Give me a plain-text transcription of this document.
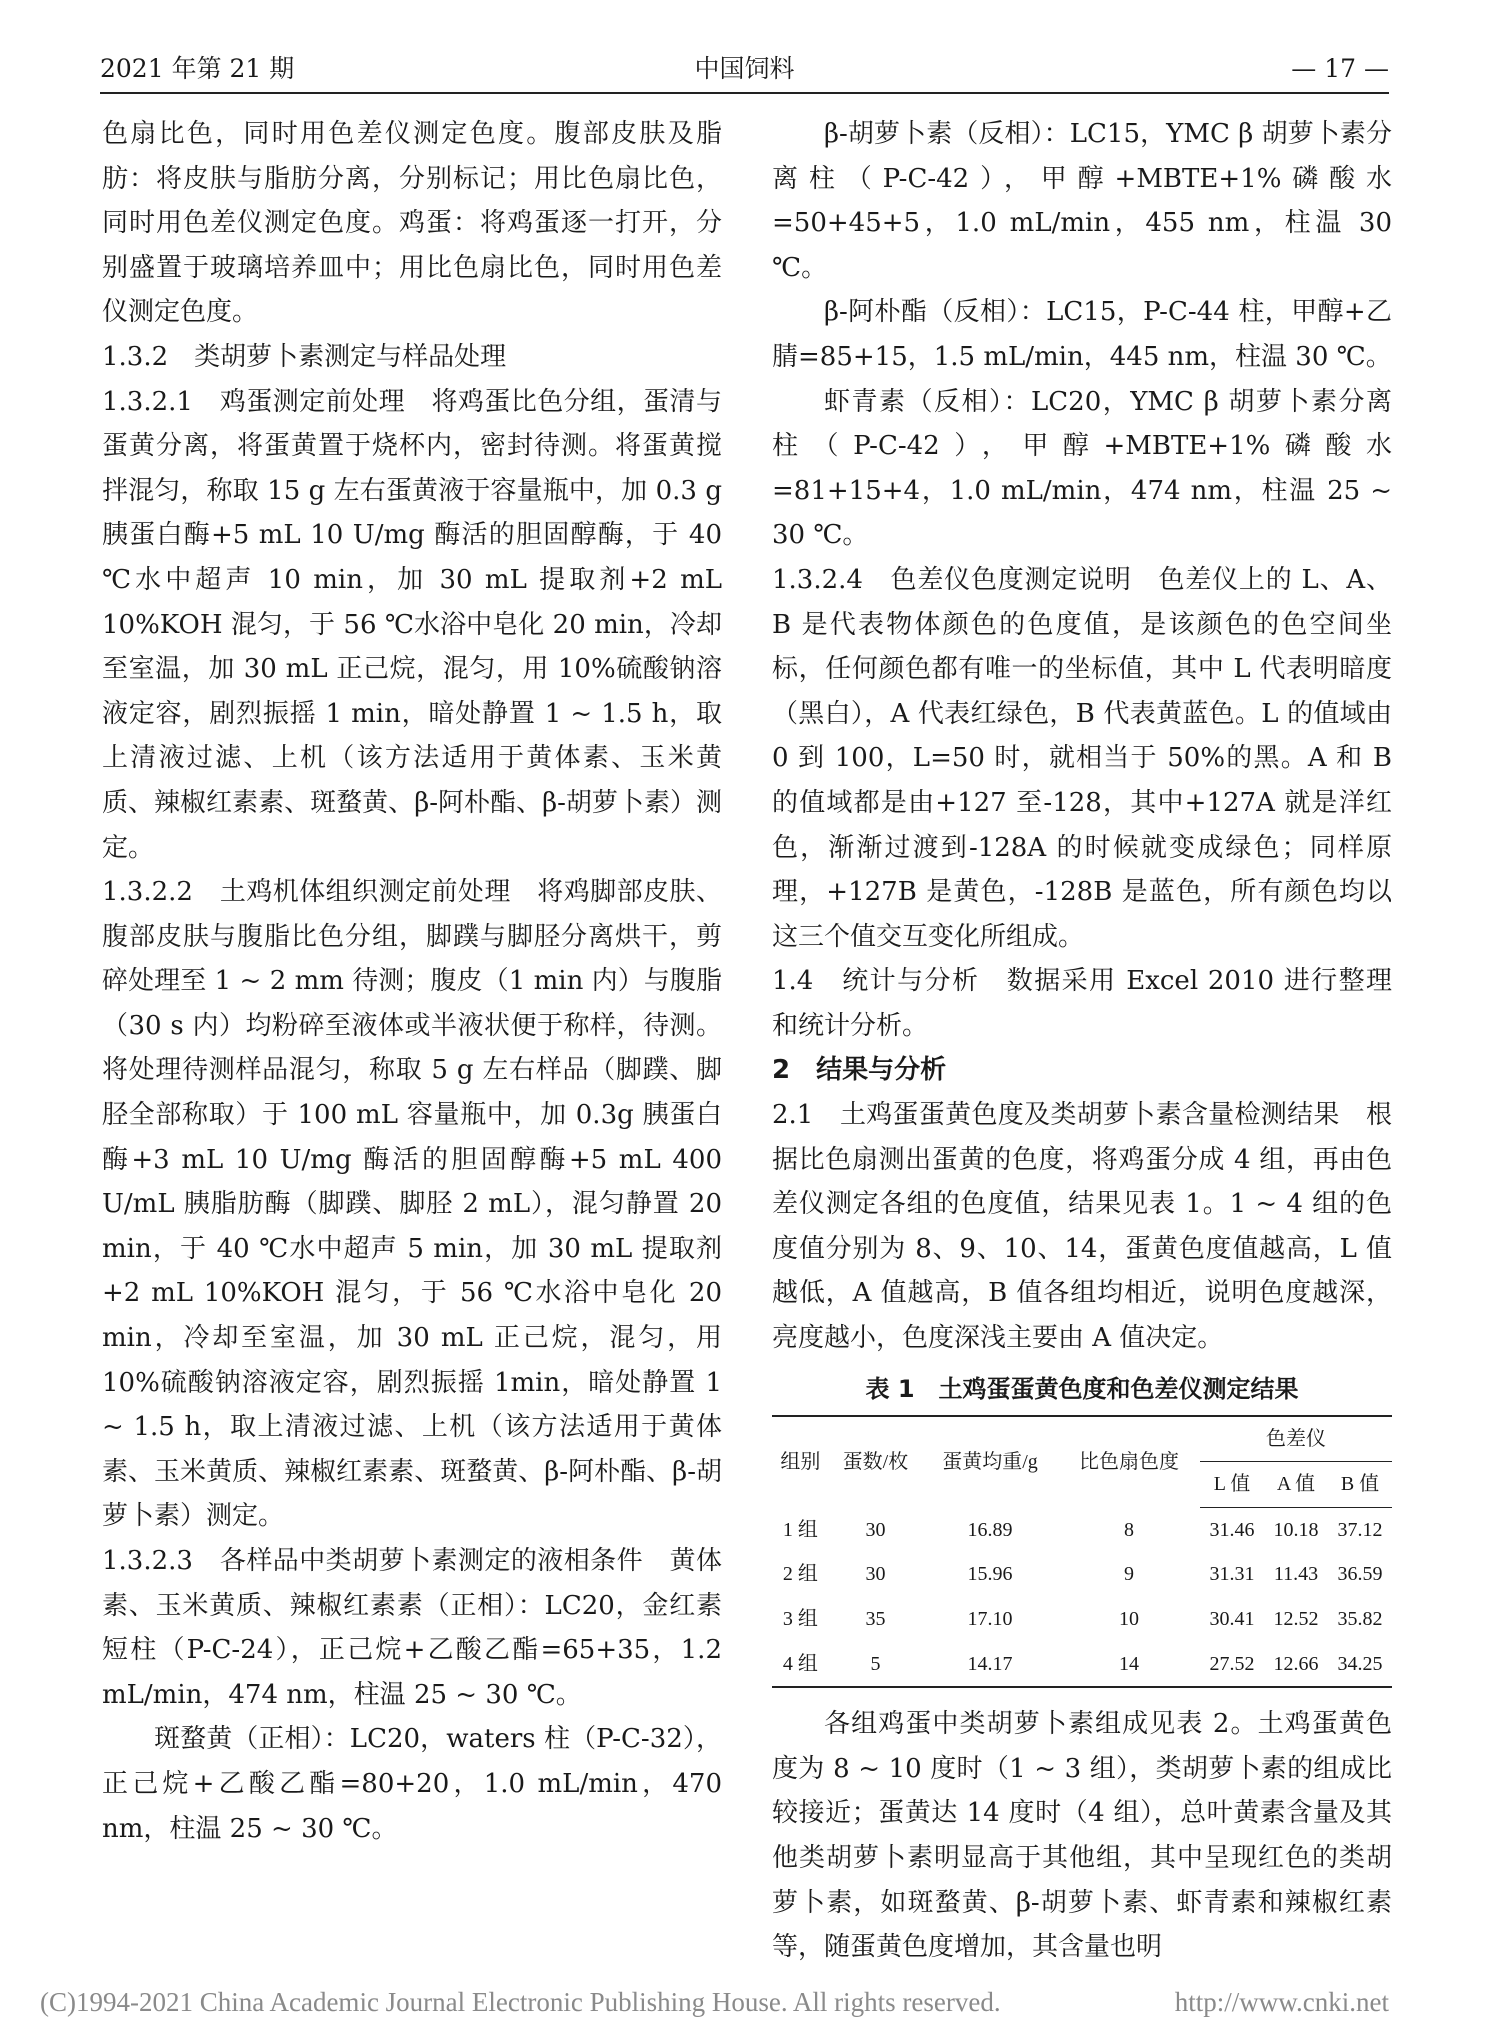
2021 年第 21 期	中国饲料	— 17 —

色扇比色，同时用色差仪测定色度。腹部皮肤及脂肪：将皮肤与脂肪分离，分别标记；用比色扇比色，同时用色差仪测定色度。鸡蛋：将鸡蛋逐一打开，分别盛置于玻璃培养皿中；用比色扇比色，同时用色差仪测定色度。

1.3.2　类胡萝卜素测定与样品处理

1.3.2.1　鸡蛋测定前处理　将鸡蛋比色分组，蛋清与蛋黄分离，将蛋黄置于烧杯内，密封待测。将蛋黄搅拌混匀，称取 15 g 左右蛋黄液于容量瓶中，加 0.3 g 胰蛋白酶+5 mL 10 U/mg 酶活的胆固醇酶，于 40 ℃水中超声 10 min，加 30 mL 提取剂+2 mL 10%KOH 混匀，于 56 ℃水浴中皂化 20 min，冷却至室温，加 30 mL 正己烷，混匀，用 10%硫酸钠溶液定容，剧烈振摇 1 min，暗处静置 1 ~ 1.5 h，取上清液过滤、上机（该方法适用于黄体素、玉米黄质、辣椒红素素、斑蝥黄、β-阿朴酯、β-胡萝卜素）测定。

1.3.2.2　土鸡机体组织测定前处理　将鸡脚部皮肤、腹部皮肤与腹脂比色分组，脚蹼与脚胫分离烘干，剪碎处理至 1 ~ 2 mm 待测；腹皮（1 min 内）与腹脂（30 s 内）均粉碎至液体或半液状便于称样，待测。将处理待测样品混匀，称取 5 g 左右样品（脚蹼、脚胫全部称取）于 100 mL 容量瓶中，加 0.3g 胰蛋白酶+3 mL 10 U/mg 酶活的胆固醇酶+5 mL 400 U/mL 胰脂肪酶（脚蹼、脚胫 2 mL），混匀静置 20 min，于 40 ℃水中超声 5 min，加 30 mL 提取剂+2 mL 10%KOH 混匀，于 56 ℃水浴中皂化 20 min，冷却至室温，加 30 mL 正己烷，混匀，用 10%硫酸钠溶液定容，剧烈振摇 1min，暗处静置 1 ~ 1.5 h，取上清液过滤、上机（该方法适用于黄体素、玉米黄质、辣椒红素素、斑蝥黄、β-阿朴酯、β-胡萝卜素）测定。

1.3.2.3　各样品中类胡萝卜素测定的液相条件　黄体素、玉米黄质、辣椒红素素（正相）：LC20，金红素短柱（P-C-24），正己烷+乙酸乙酯=65+35，1.2 mL/min，474 nm，柱温 25 ~ 30 ℃。

斑蝥黄（正相）：LC20，waters 柱（P-C-32），正己烷+乙酸乙酯=80+20，1.0 mL/min，470 nm，柱温 25 ~ 30 ℃。

β-胡萝卜素（反相）：LC15，YMC β 胡萝卜素分离柱（P-C-42），甲醇+MBTE+1%磷酸水=50+45+5，1.0 mL/min，455 nm，柱温 30 ℃。

β-阿朴酯（反相）：LC15，P-C-44 柱，甲醇+乙腈=85+15，1.5 mL/min，445 nm，柱温 30 ℃。

虾青素（反相）：LC20，YMC β 胡萝卜素分离柱（P-C-42），甲醇+MBTE+1%磷酸水=81+15+4，1.0 mL/min，474 nm，柱温 25 ~ 30 ℃。

1.3.2.4　色差仪色度测定说明　色差仪上的 L、A、B 是代表物体颜色的色度值，是该颜色的色空间坐标，任何颜色都有唯一的坐标值，其中 L 代表明暗度（黑白），A 代表红绿色，B 代表黄蓝色。L 的值域由 0 到 100，L=50 时，就相当于 50%的黑。A 和 B 的值域都是由+127 至-128，其中+127A 就是洋红色，渐渐过渡到-128A 的时候就变成绿色；同样原理，+127B 是黄色，-128B 是蓝色，所有颜色均以这三个值交互变化所组成。

1.4　统计与分析　数据采用 Excel 2010 进行整理和统计分析。

2　结果与分析

2.1　土鸡蛋蛋黄色度及类胡萝卜素含量检测结果　根据比色扇测出蛋黄的色度，将鸡蛋分成 4 组，再由色差仪测定各组的色度值，结果见表 1。1 ~ 4 组的色度值分别为 8、9、10、14，蛋黄色度值越高，L 值越低，A 值越高，B 值各组均相近，说明色度越深，亮度越小，色度深浅主要由 A 值决定。

表 1　土鸡蛋蛋黄色度和色差仪测定结果

组别	蛋数/枚	蛋黄均重/g	比色扇色度	色差仪		
				L 值	A 值	B 值
1 组	30	16.89	8	31.46	10.18	37.12
2 组	30	15.96	9	31.31	11.43	36.59
3 组	35	17.10	10	30.41	12.52	35.82
4 组	5	14.17	14	27.52	12.66	34.25

各组鸡蛋中类胡萝卜素组成见表 2。土鸡蛋黄色度为 8 ~ 10 度时（1 ~ 3 组），类胡萝卜素的组成比较接近；蛋黄达 14 度时（4 组），总叶黄素含量及其他类胡萝卜素明显高于其他组，其中呈现红色的类胡萝卜素，如斑蝥黄、β-胡萝卜素、虾青素和辣椒红素等，随蛋黄色度增加，其含量也明

(C)1994-2021 China Academic Journal Electronic Publishing House. All rights reserved.	http://www.cnki.net
